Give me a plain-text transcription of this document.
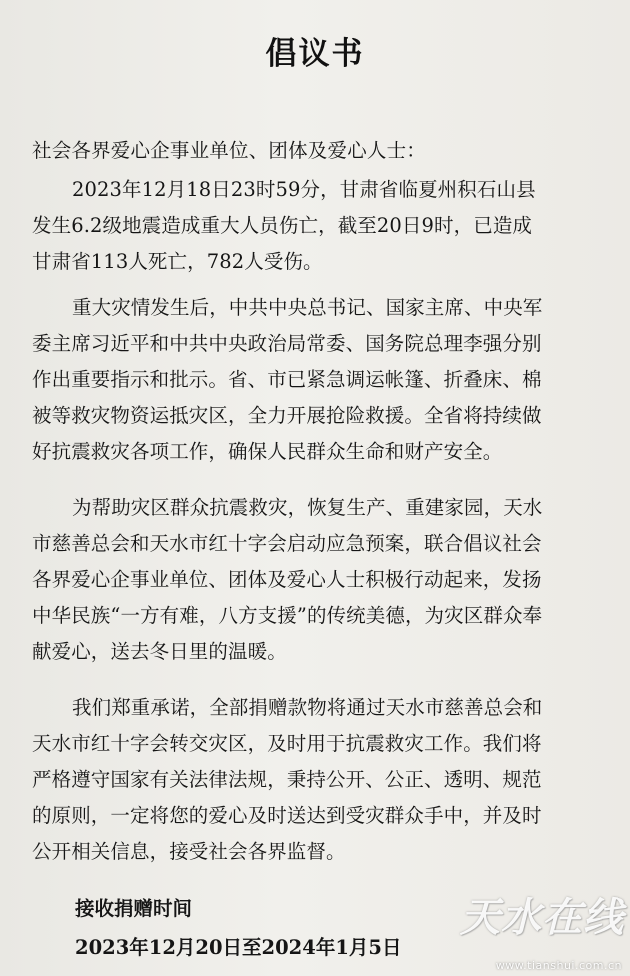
倡议书
社会各界爱心企事业单位、团体及爱心人士：
2023年12月18日23时59分，甘肃省临夏州积石山县
发生6.2级地震造成重大人员伤亡，截至20日9时，已造成
甘肃省113人死亡，782人受伤。
重大灾情发生后，中共中央总书记、国家主席、中央军
委主席习近平和中共中央政治局常委、国务院总理李强分别
作出重要指示和批示。省、市已紧急调运帐篷、折叠床、棉
被等救灾物资运抵灾区，全力开展抢险救援。全省将持续做
好抗震救灾各项工作，确保人民群众生命和财产安全。
为帮助灾区群众抗震救灾，恢复生产、重建家园，天水
市慈善总会和天水市红十字会启动应急预案，联合倡议社会
各界爱心企事业单位、团体及爱心人士积极行动起来，发扬
中华民族“一方有难，八方支援”的传统美德，为灾区群众奉
献爱心，送去冬日里的温暖。
我们郑重承诺，全部捐赠款物将通过天水市慈善总会和
天水市红十字会转交灾区，及时用于抗震救灾工作。我们将
严格遵守国家有关法律法规，秉持公开、公正、透明、规范
的原则，一定将您的爱心及时送达到受灾群众手中，并及时
公开相关信息，接受社会各界监督。
接收捐赠时间
2023年12月20日至2024年1月5日
天水在线
www.tianshui.com.cn
